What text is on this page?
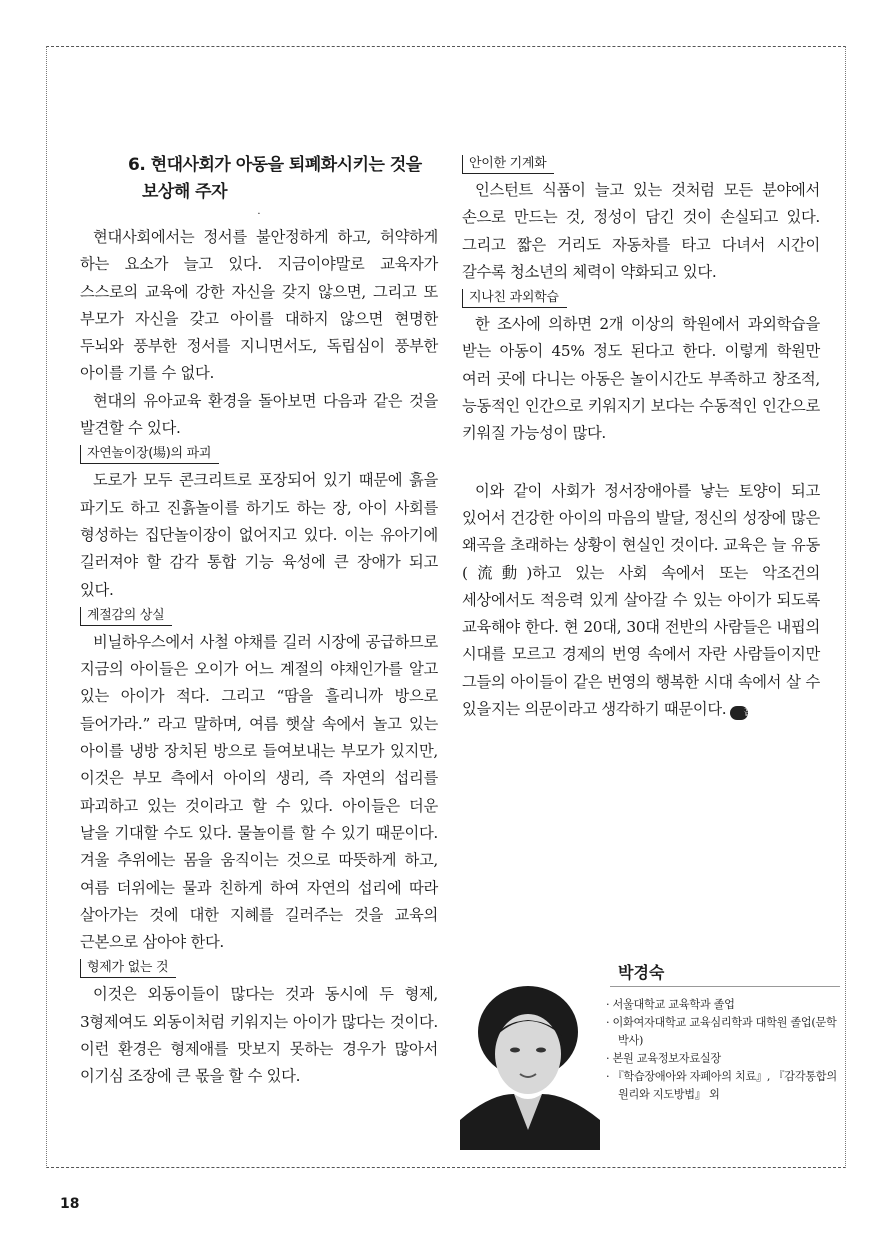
6. 현대사회가 아동을 퇴폐화시키는 것을
보상해 주자

·

현대사회에서는 정서를 불안정하게 하고, 허약하게 하는 요소가 늘고 있다. 지금이야말로 교육자가 스스로의 교육에 강한 자신을 갖지 않으면, 그리고 또 부모가 자신을 갖고 아이를 대하지 않으면 현명한 두뇌와 풍부한 정서를 지니면서도, 독립심이 풍부한 아이를 기를 수 없다.

현대의 유아교육 환경을 돌아보면 다음과 같은 것을 발견할 수 있다.

자연놀이장(場)의 파괴

도로가 모두 콘크리트로 포장되어 있기 때문에 흙을 파기도 하고 진흙놀이를 하기도 하는 장, 아이 사회를 형성하는 집단놀이장이 없어지고 있다. 이는 유아기에 길러져야 할 감각 통합 기능 육성에 큰 장애가 되고 있다.

계절감의 상실

비닐하우스에서 사철 야채를 길러 시장에 공급하므로 지금의 아이들은 오이가 어느 계절의 야채인가를 알고 있는 아이가 적다. 그리고 “땀을 흘리니까 방으로 들어가라.” 라고 말하며, 여름 햇살 속에서 놀고 있는 아이를 냉방 장치된 방으로 들여보내는 부모가 있지만, 이것은 부모 측에서 아이의 생리, 즉 자연의 섭리를 파괴하고 있는 것이라고 할 수 있다. 아이들은 더운 날을 기대할 수도 있다. 물놀이를 할 수 있기 때문이다. 겨울 추위에는 몸을 움직이는 것으로 따뜻하게 하고, 여름 더위에는 물과 친하게 하여 자연의 섭리에 따라 살아가는 것에 대한 지혜를 길러주는 것을 교육의 근본으로 삼아야 한다.

형제가 없는 것

이것은 외동이들이 많다는 것과 동시에 두 형제, 3형제여도 외동이처럼 키워지는 아이가 많다는 것이다. 이런 환경은 형제애를 맛보지 못하는 경우가 많아서 이기심 조장에 큰 몫을 할 수 있다.

안이한 기계화

인스턴트 식품이 늘고 있는 것처럼 모든 분야에서 손으로 만드는 것, 정성이 담긴 것이 손실되고 있다. 그리고 짧은 거리도 자동차를 타고 다녀서 시간이 갈수록 청소년의 체력이 약화되고 있다.

지나친 과외학습

한 조사에 의하면 2개 이상의 학원에서 과외학습을 받는 아동이 45% 정도 된다고 한다. 이렇게 학원만 여러 곳에 다니는 아동은 놀이시간도 부족하고 창조적, 능동적인 인간으로 키워지기 보다는 수동적인 인간으로 키워질 가능성이 많다.

이와 같이 사회가 정서장애아를 낳는 토양이 되고 있어서 건강한 아이의 마음의 발달, 정신의 성장에 많은 왜곡을 초래하는 상황이 현실인 것이다. 교육은 늘 유동(流動)하고 있는 사회 속에서 또는 악조건의 세상에서도 적응력 있게 살아갈 수 있는 아이가 되도록 교육해야 한다. 현 20대, 30대 전반의 사람들은 내핍의 시대를 모르고 경제의 번영 속에서 자란 사람들이지만 그들의 아이들이 같은 번영의 행복한 시대 속에서 살 수 있을지는 의문이라고 생각하기 때문이다. 끝

박경숙

· 서울대학교 교육학과 졸업
· 이화여자대학교 교육심리학과 대학원 졸업(문학박사)
· 본원 교육정보자료실장
· 『학습장애아와 자폐아의 치료』, 『감각통합의 원리와 지도방법』 외

18
